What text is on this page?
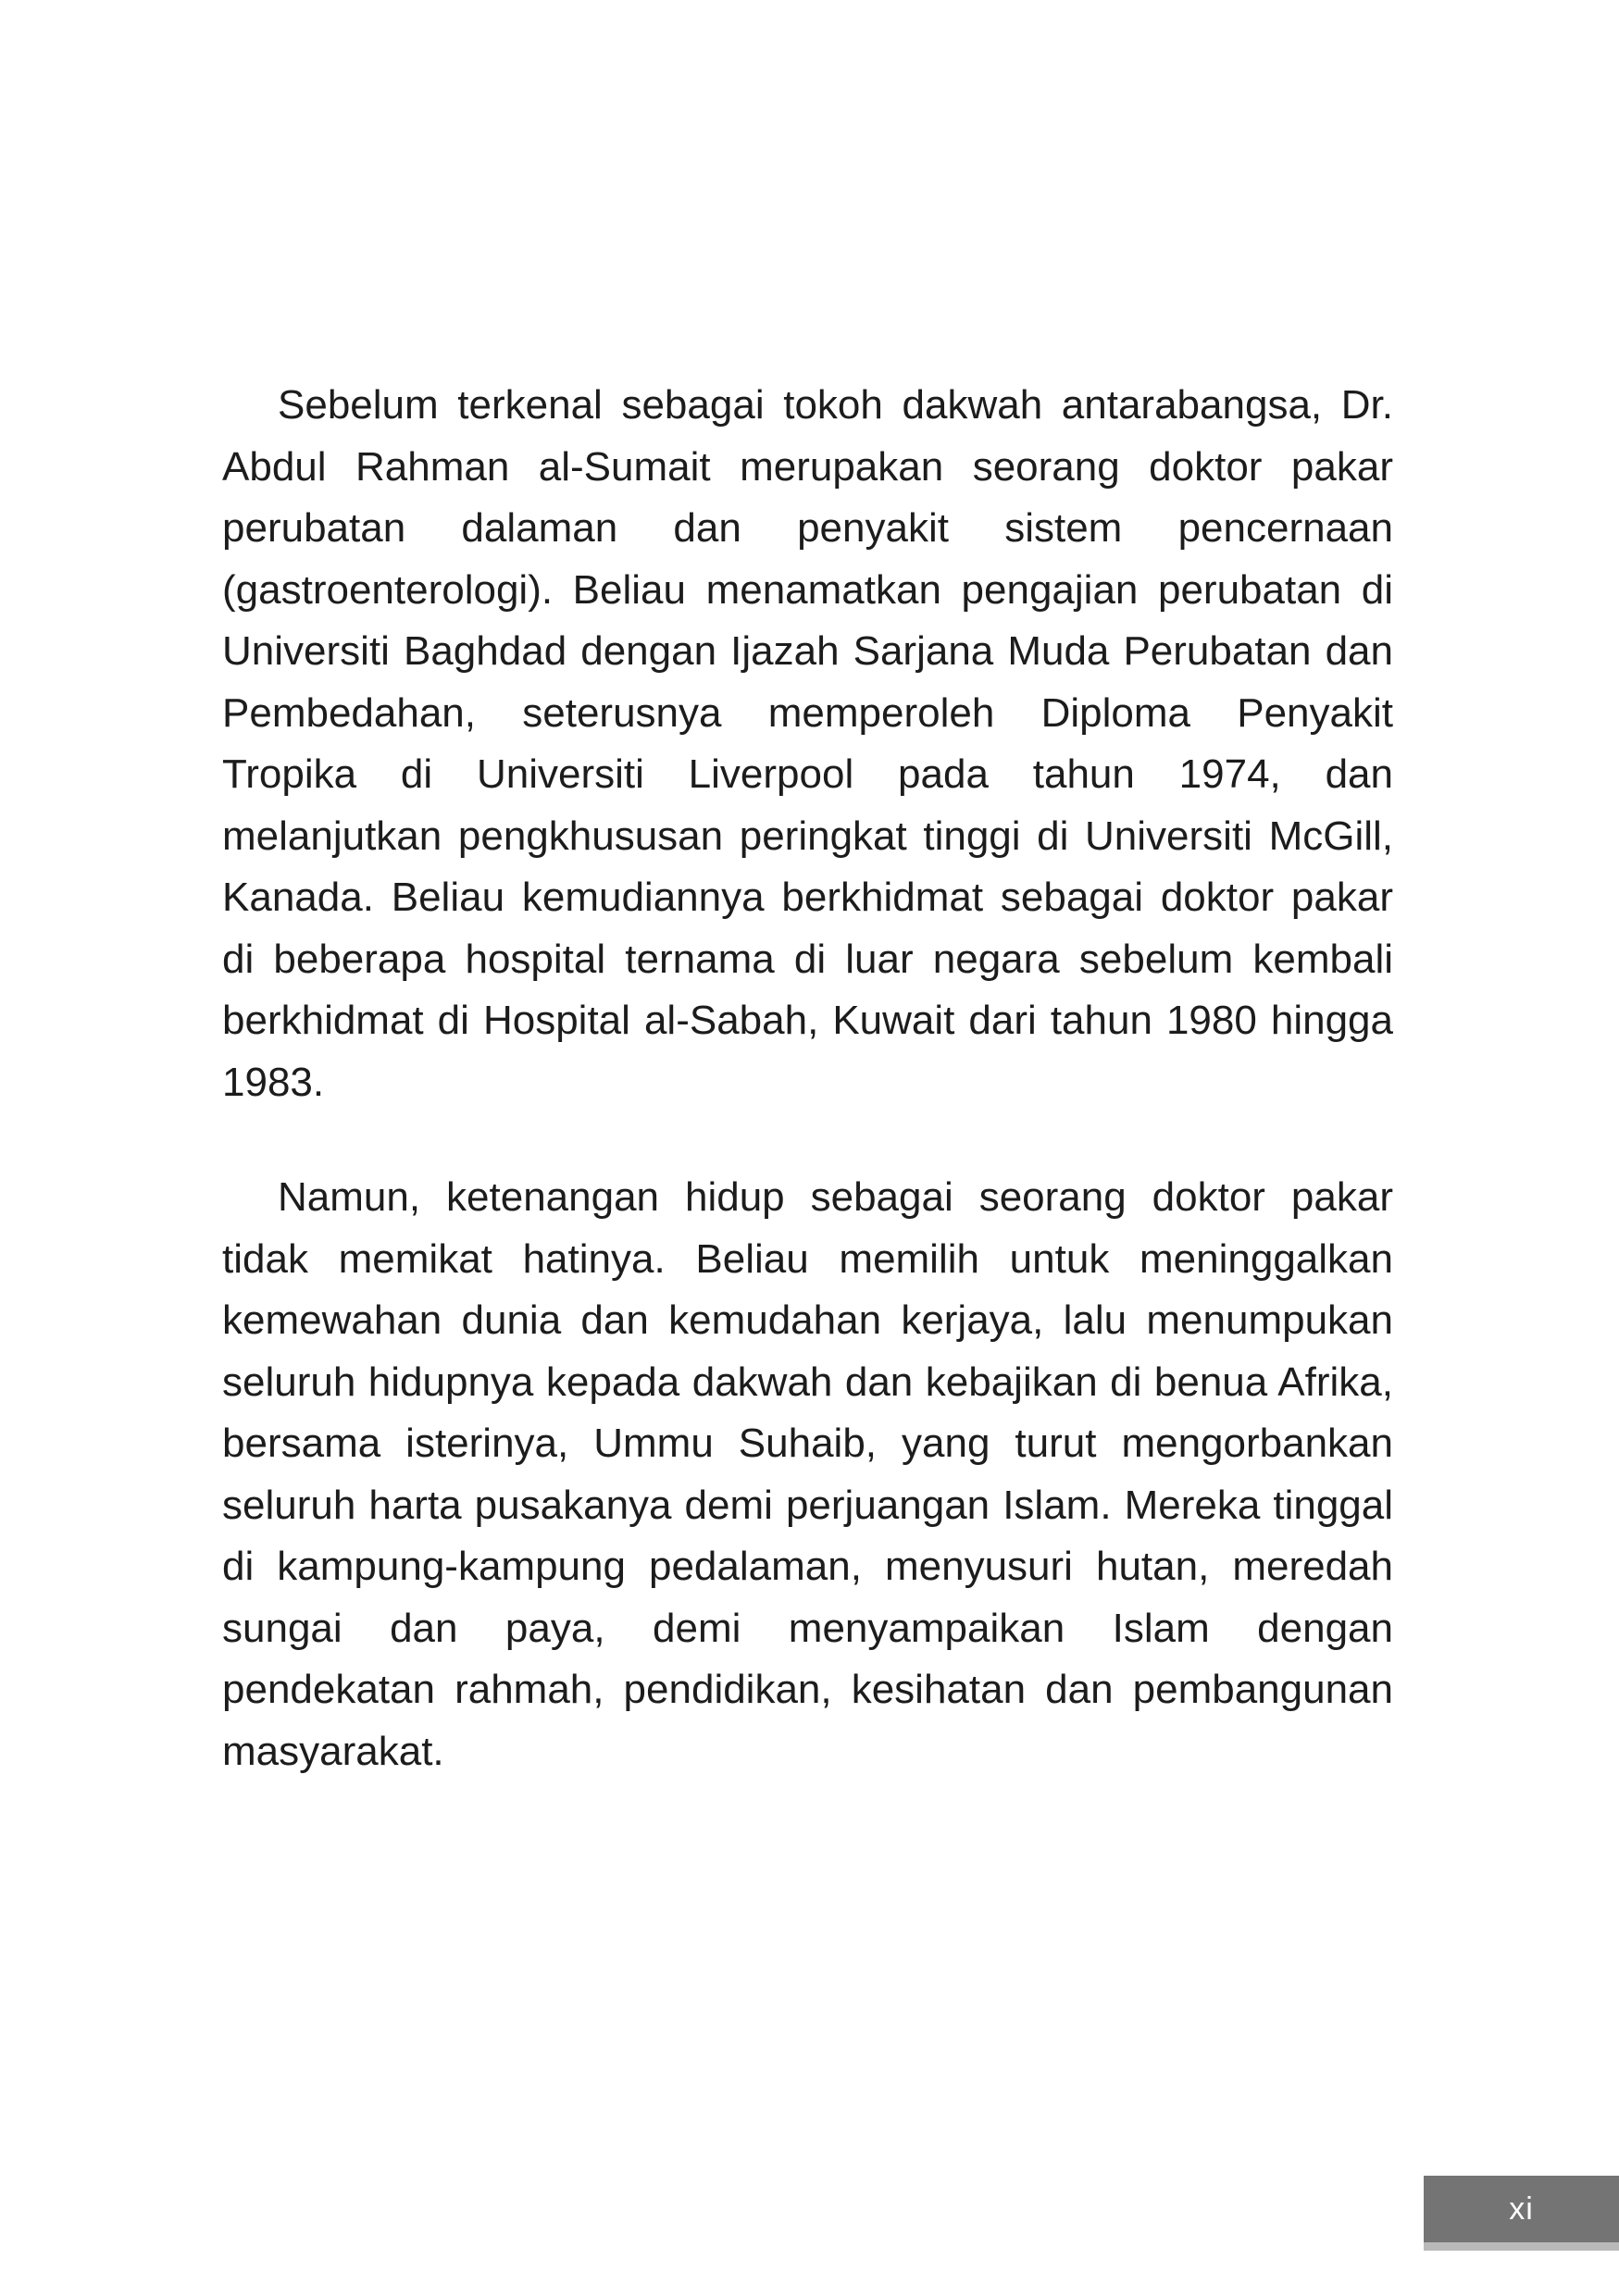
Sebelum terkenal sebagai tokoh dakwah antarabangsa, Dr. Abdul Rahman al-Sumait merupakan seorang doktor pakar perubatan dalaman dan penyakit sistem pencernaan (gastroenterologi). Beliau menamatkan pengajian perubatan di Universiti Baghdad dengan Ijazah Sarjana Muda Perubatan dan Pembedahan, seterusnya memperoleh Diploma Penyakit Tropika di Universiti Liverpool pada tahun 1974, dan melanjutkan pengkhususan peringkat tinggi di Universiti McGill, Kanada. Beliau kemudiannya berkhidmat sebagai doktor pakar di beberapa hospital ternama di luar negara sebelum kembali berkhidmat di Hospital al-Sabah, Kuwait dari tahun 1980 hingga 1983.

Namun, ketenangan hidup sebagai seorang doktor pakar tidak memikat hatinya. Beliau memilih untuk meninggalkan kemewahan dunia dan kemudahan kerjaya, lalu menumpukan seluruh hidupnya kepada dakwah dan kebajikan di benua Afrika, bersama isterinya, Ummu Suhaib, yang turut mengorbankan seluruh harta pusakanya demi perjuangan Islam. Mereka tinggal di kampung-kampung pedalaman, menyusuri hutan, meredah sungai dan paya, demi menyampaikan Islam dengan pendekatan rahmah, pendidikan, kesihatan dan pembangunan masyarakat.

xi
